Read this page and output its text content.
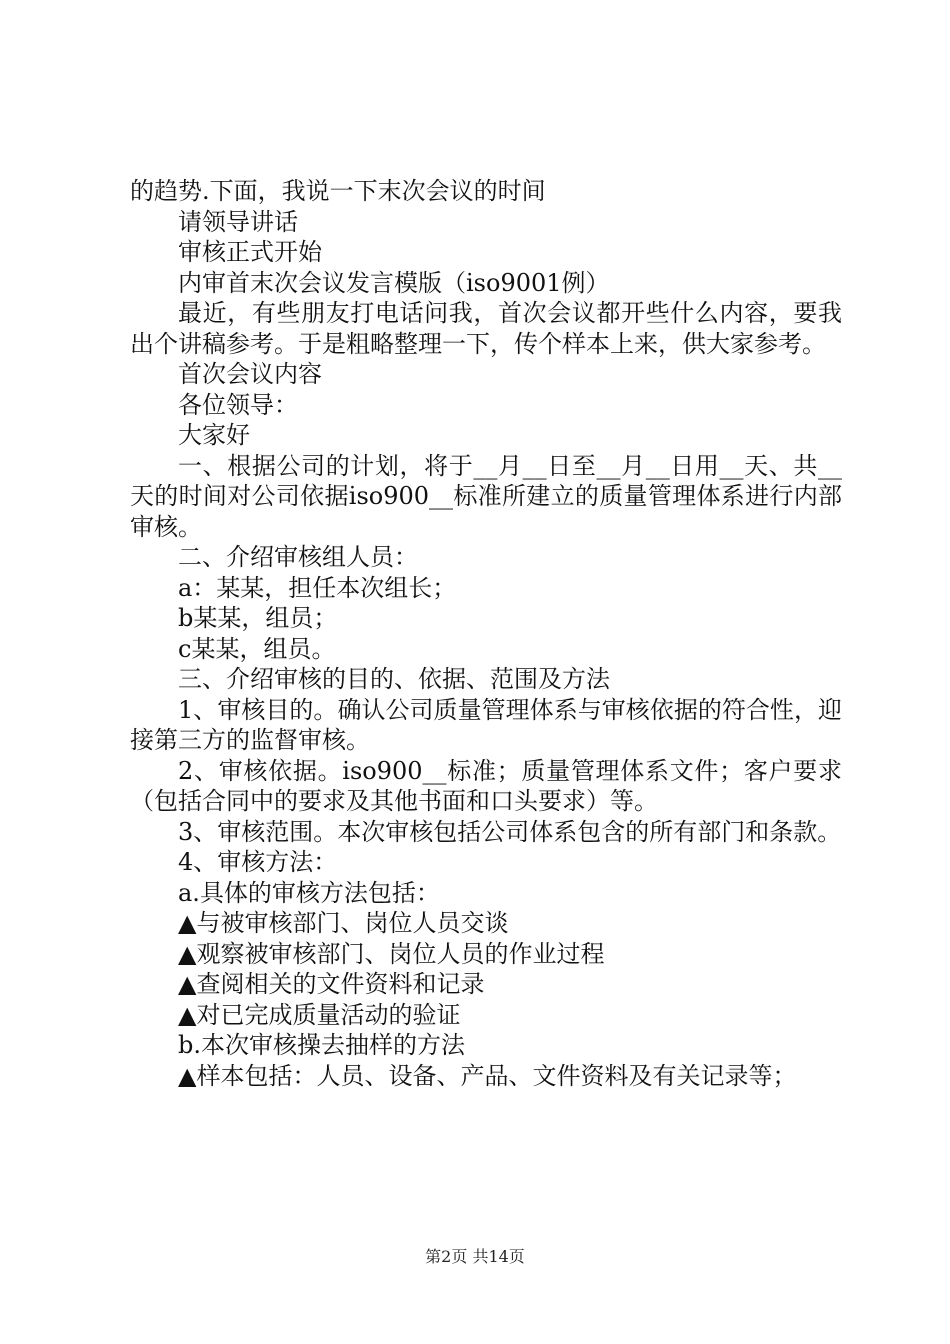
的趋势.下面，我说一下末次会议的时间

请领导讲话

审核正式开始

内审首末次会议发言模版（iso9001例）

最近，有些朋友打电话问我，首次会议都开些什么内容，要我出个讲稿参考。于是粗略整理一下，传个样本上来，供大家参考。

首次会议内容

各位领导：

大家好

一、根据公司的计划，将于__月__日至__月__日用__天、共__天的时间对公司依据iso900__标准所建立的质量管理体系进行内部审核。

二、介绍审核组人员：

a：某某，担任本次组长；

b某某，组员；

c某某，组员。

三、介绍审核的目的、依据、范围及方法

1、审核目的。确认公司质量管理体系与审核依据的符合性，迎接第三方的监督审核。

2、审核依据。iso900__标准；质量管理体系文件；客户要求（包括合同中的要求及其他书面和口头要求）等。

3、审核范围。本次审核包括公司体系包含的所有部门和条款。

4、审核方法：

a.具体的审核方法包括：

▲与被审核部门、岗位人员交谈

▲观察被审核部门、岗位人员的作业过程

▲查阅相关的文件资料和记录

▲对已完成质量活动的验证

b.本次审核操去抽样的方法

▲样本包括：人员、设备、产品、文件资料及有关记录等；

第2页 共14页
